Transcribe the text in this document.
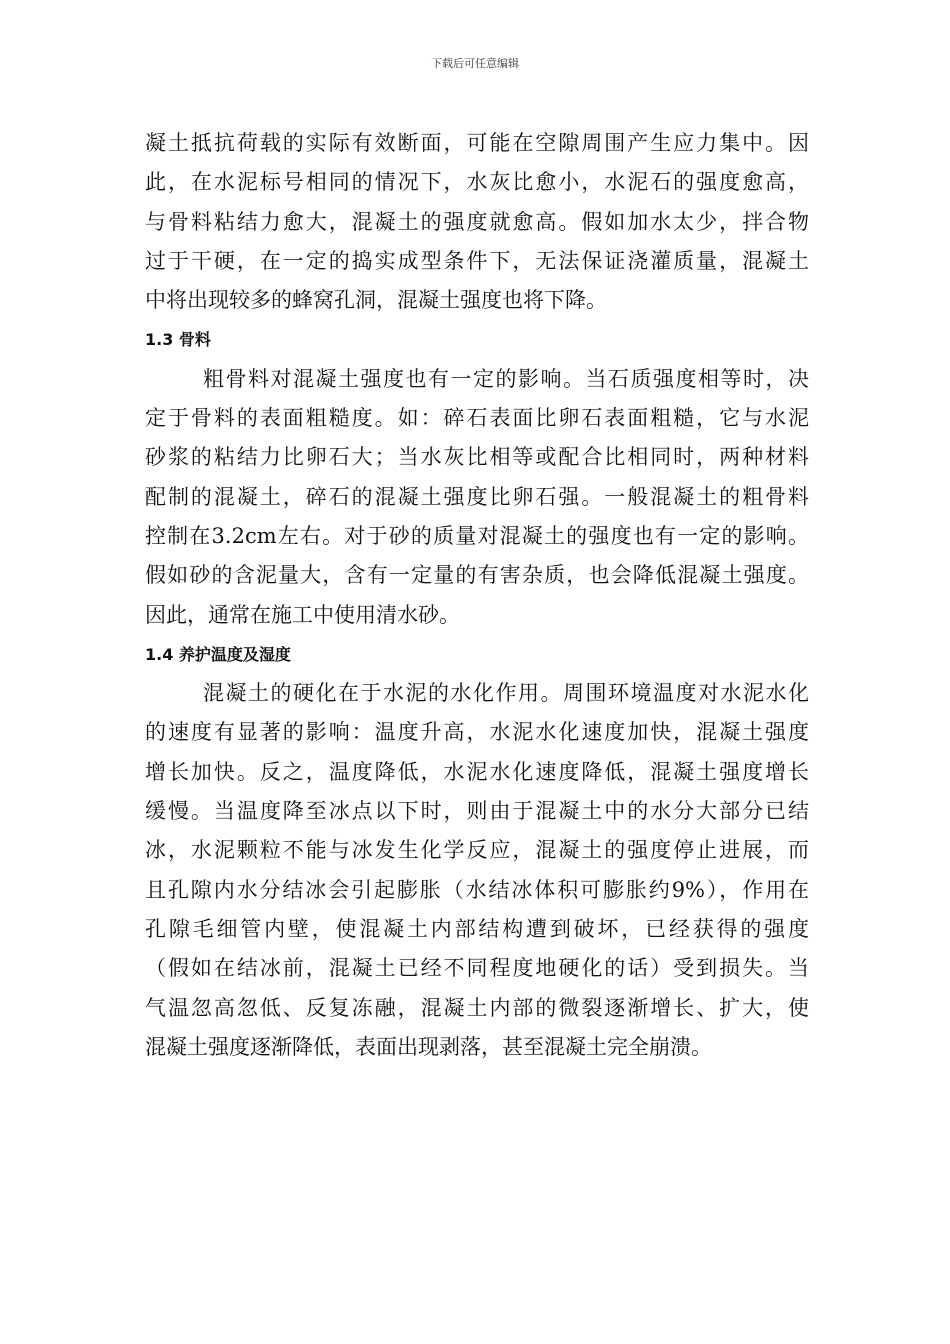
下载后可任意编辑
凝土抵抗荷载的实际有效断面，可能在空隙周围产生应力集中。因
此，在水泥标号相同的情况下，水灰比愈小，水泥石的强度愈高，
与骨料粘结力愈大，混凝土的强度就愈高。假如加水太少，拌合物
过于干硬，在一定的捣实成型条件下，无法保证浇灌质量，混凝土
中将出现较多的蜂窝孔洞，混凝土强度也将下降。
1.3 骨料
粗骨料对混凝土强度也有一定的影响。当石质强度相等时，决
定于骨料的表面粗糙度。如：碎石表面比卵石表面粗糙，它与水泥
砂浆的粘结力比卵石大；当水灰比相等或配合比相同时，两种材料
配制的混凝土，碎石的混凝土强度比卵石强。一般混凝土的粗骨料
控制在3.2cm左右。对于砂的质量对混凝土的强度也有一定的影响。
假如砂的含泥量大，含有一定量的有害杂质，也会降低混凝土强度。
因此，通常在施工中使用清水砂。
1.4 养护温度及湿度
混凝土的硬化在于水泥的水化作用。周围环境温度对水泥水化
的速度有显著的影响：温度升高，水泥水化速度加快，混凝土强度
增长加快。反之，温度降低，水泥水化速度降低，混凝土强度增长
缓慢。当温度降至冰点以下时，则由于混凝土中的水分大部分已结
冰，水泥颗粒不能与冰发生化学反应，混凝土的强度停止进展，而
且孔隙内水分结冰会引起膨胀（水结冰体积可膨胀约9%），作用在
孔隙毛细管内壁，使混凝土内部结构遭到破坏，已经获得的强度
（假如在结冰前，混凝土已经不同程度地硬化的话）受到损失。当
气温忽高忽低、反复冻融，混凝土内部的微裂逐渐增长、扩大，使
混凝土强度逐渐降低，表面出现剥落，甚至混凝土完全崩溃。
